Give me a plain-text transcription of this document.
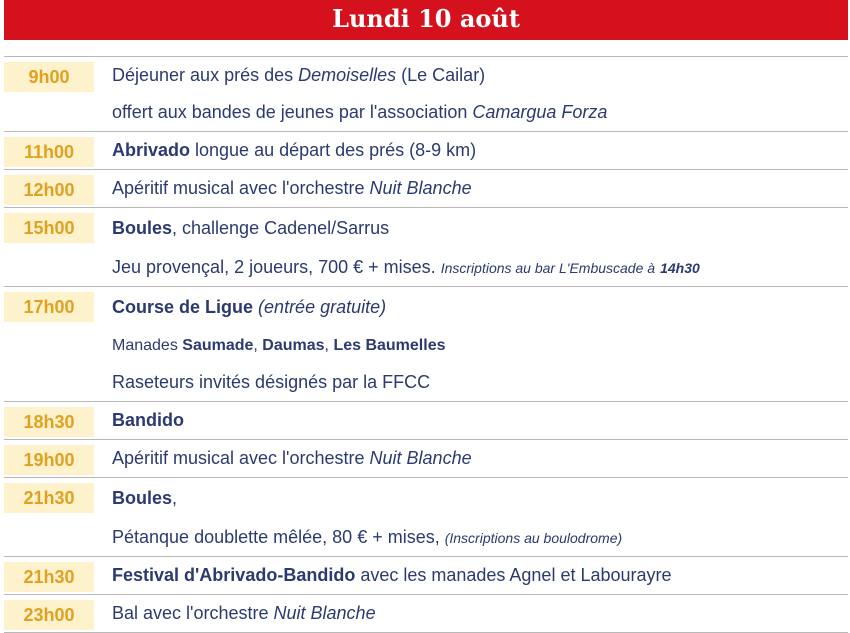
Lundi 10 août
9h00	Déjeuner aux prés des Demoiselles (Le Cailar)
offert aux bandes de jeunes par l'association Camargua Forza
11h00	Abrivado longue au départ des prés (8-9 km)
12h00	Apéritif musical avec l'orchestre Nuit Blanche
15h00	Boules, challenge Cadenel/Sarrus
Jeu provençal, 2 joueurs, 700 € + mises. Inscriptions au bar L'Embuscade à 14h30
17h00	Course de Ligue (entrée gratuite)
Manades Saumade, Daumas, Les Baumelles
Raseteurs invités désignés par la FFCC
18h30	Bandido
19h00	Apéritif musical avec l'orchestre Nuit Blanche
21h30	Boules,
Pétanque doublette mêlée, 80 € + mises, (Inscriptions au boulodrome)
21h30	Festival d'Abrivado-Bandido avec les manades Agnel et Labourayre
23h00	Bal avec l'orchestre Nuit Blanche
